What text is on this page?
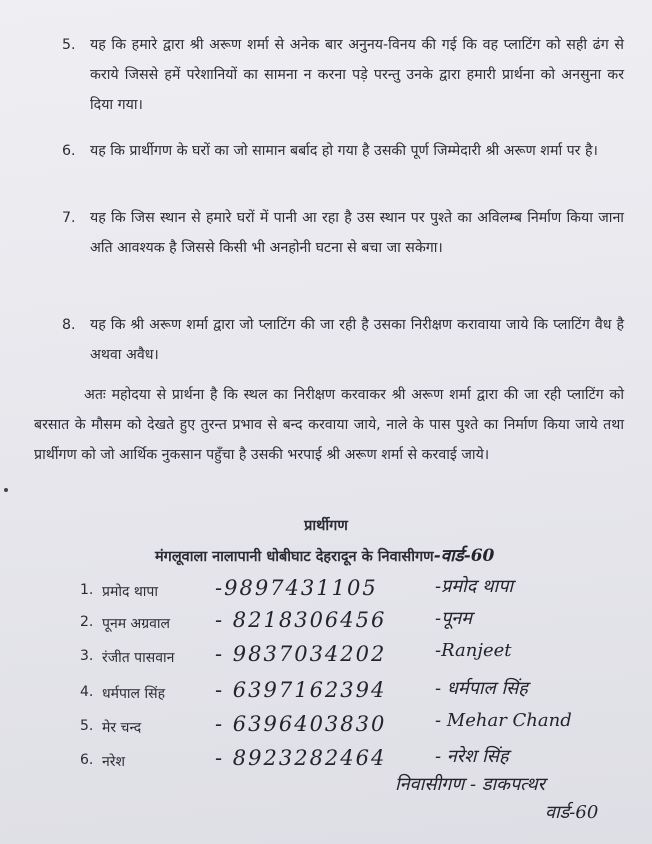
5. यह कि हमारे द्वारा श्री अरूण शर्मा से अनेक बार अनुनय-विनय की गई कि वह प्लाटिंग को सही ढंग से कराये जिससे हमें परेशानियों का सामना न करना पड़े परन्तु उनके द्वारा हमारी प्रार्थना को अनसुना कर दिया गया।
6. यह कि प्रार्थीगण के घरों का जो सामान बर्बाद हो गया है उसकी पूर्ण जिम्मेदारी श्री अरूण शर्मा पर है।
7. यह कि जिस स्थान से हमारे घरों में पानी आ रहा है उस स्थान पर पुश्ते का अविलम्ब निर्माण किया जाना अति आवश्यक है जिससे किसी भी अनहोनी घटना से बचा जा सकेगा।
8. यह कि श्री अरूण शर्मा द्वारा जो प्लाटिंग की जा रही है उसका निरीक्षण करावाया जाये कि प्लाटिंग वैध है अथवा अवैध।
अतः महोदया से प्रार्थना है कि स्थल का निरीक्षण करवाकर श्री अरूण शर्मा द्वारा की जा रही प्लाटिंग को बरसात के मौसम को देखते हुए तुरन्त प्रभाव से बन्द करवाया जाये, नाले के पास पुश्ते का निर्माण किया जाये तथा प्रार्थीगण को जो आर्थिक नुकसान पहुँचा है उसकी भरपाई श्री अरूण शर्मा से करवाई जाये।
प्रार्थीगण
मंगलूवाला नालापानी धोबीघाट देहरादून के निवासीगण-वार्ड-60
1. प्रमोद थापा	-9897431105	-प्रमोद थापा
2. पूनम अग्रवाल - 8218306456	-पूनम
3. रंजीत पासवान - 9837034202	-Ranjeet
4. धर्मपाल सिंह - 6397162394	- धर्मपाल सिंह
5. मेर चन्द	- 6396403830	- Mehar Chand
6. नरेश	- 8923282464	- नरेश सिंह
निवासीगण - डाकपत्थर
वार्ड-60
